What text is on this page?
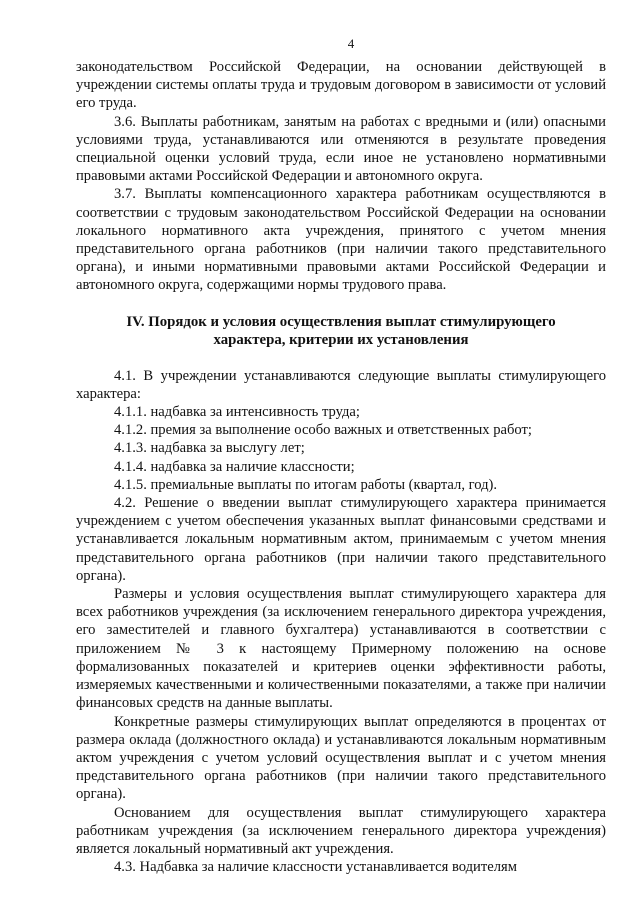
4

законодательством Российской Федерации, на основании действующей в учреждении системы оплаты труда и трудовым договором в зависимости от условий его труда.

3.6. Выплаты работникам, занятым на работах с вредными и (или) опасными условиями труда, устанавливаются или отменяются в результате проведения специальной оценки условий труда, если иное не установлено нормативными правовыми актами Российской Федерации и автономного округа.

3.7. Выплаты компенсационного характера работникам осуществляются в соответствии с трудовым законодательством Российской Федерации на основании локального нормативного акта учреждения, принятого с учетом мнения представительного органа работников (при наличии такого представительного органа), и иными нормативными правовыми актами Российской Федерации и автономного округа, содержащими нормы трудового права.

IV. Порядок и условия осуществления выплат стимулирующего характера, критерии их установления

4.1. В учреждении устанавливаются следующие выплаты стимулирующего характера:

4.1.1. надбавка за интенсивность труда;

4.1.2. премия за выполнение особо важных и ответственных работ;

4.1.3. надбавка за выслугу лет;

4.1.4. надбавка за наличие классности;

4.1.5. премиальные выплаты по итогам работы (квартал, год).

4.2. Решение о введении выплат стимулирующего характера принимается учреждением с учетом обеспечения указанных выплат финансовыми средствами и устанавливается локальным нормативным актом, принимаемым с учетом мнения представительного органа работников (при наличии такого представительного органа).

Размеры и условия осуществления выплат стимулирующего характера для всех работников учреждения (за исключением генерального директора учреждения, его заместителей и главного бухгалтера) устанавливаются в соответствии с приложением № 3 к настоящему Примерному положению на основе формализованных показателей и критериев оценки эффективности работы, измеряемых качественными и количественными показателями, а также при наличии финансовых средств на данные выплаты.

Конкретные размеры стимулирующих выплат определяются в процентах от размера оклада (должностного оклада) и устанавливаются локальным нормативным актом учреждения с учетом условий осуществления выплат и с учетом мнения представительного органа работников (при наличии такого представительного органа).

Основанием для осуществления выплат стимулирующего характера работникам учреждения (за исключением генерального директора учреждения) является локальный нормативный акт учреждения.

4.3. Надбавка за наличие классности устанавливается водителям
